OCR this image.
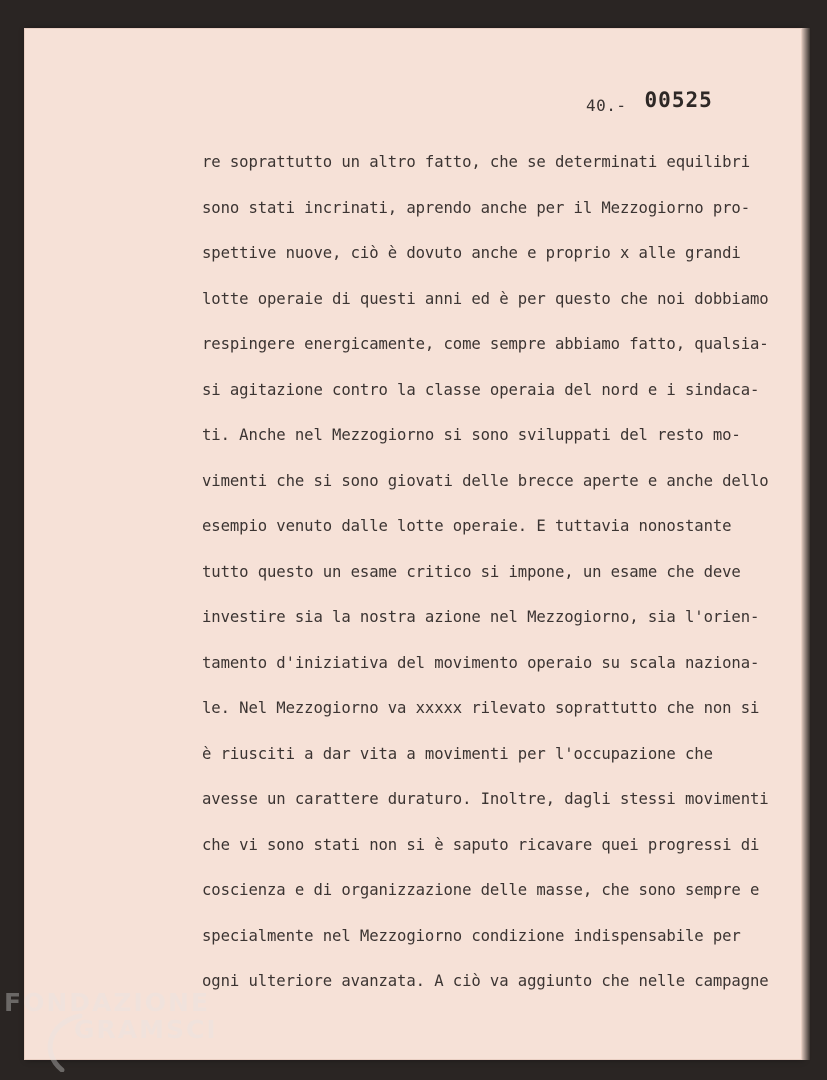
40.- 00525
re soprattutto un altro fatto, che se determinati equilibri
sono stati incrinati, aprendo anche per il Mezzogiorno pro-
spettive nuove, ciò è dovuto anche e proprio x alle grandi
lotte operaie di questi anni ed è per questo che noi dobbiamo
respingere energicamente, come sempre abbiamo fatto, qualsia-
si agitazione contro la classe operaia del nord e i sindaca-
ti. Anche nel Mezzogiorno si sono sviluppati del resto mo-
vimenti che si sono giovati delle brecce aperte e anche dello
esempio venuto dalle lotte operaie. E tuttavia nonostante
tutto questo un esame critico si impone, un esame che deve
investire sia la nostra azione nel Mezzogiorno, sia l'orien-
tamento d'iniziativa del movimento operaio su scala naziona-
le. Nel Mezzogiorno va xxxxx rilevato soprattutto che non si
è riusciti a dar vita a movimenti per l'occupazione che
avesse un carattere duraturo. Inoltre, dagli stessi movimenti
che vi sono stati non si è saputo ricavare quei progressi di
coscienza e di organizzazione delle masse, che sono sempre e
specialmente nel Mezzogiorno condizione indispensabile per
ogni ulteriore avanzata. A ciò va aggiunto che nelle campagne
FONDAZIONE
GRAMSCI
